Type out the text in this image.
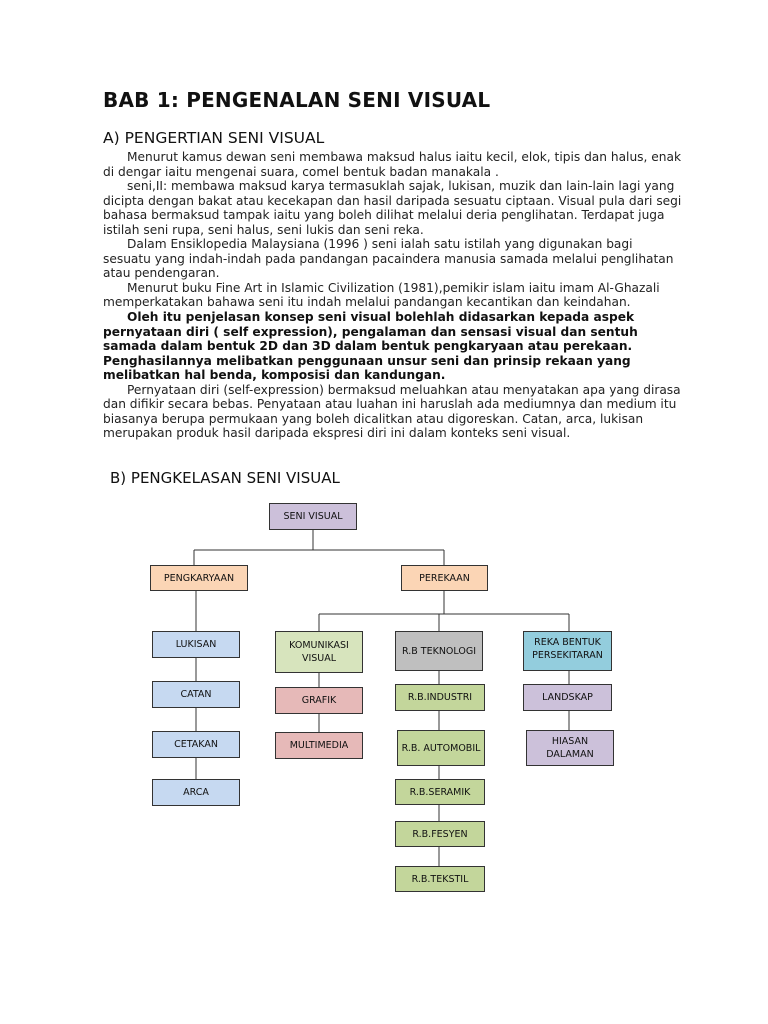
BAB 1: PENGENALAN SENI VISUAL
A) PENGERTIAN SENI VISUAL

Menurut kamus dewan seni membawa maksud halus iaitu kecil, elok, tipis dan halus, enak di dengar iaitu mengenai suara, comel bentuk badan manakala .

seni,II: membawa maksud karya termasuklah sajak, lukisan, muzik dan lain-lain lagi yang dicipta dengan bakat atau kecekapan dan hasil daripada sesuatu ciptaan. Visual pula dari segi bahasa bermaksud tampak iaitu yang boleh dilihat melalui deria penglihatan. Terdapat juga istilah seni rupa, seni halus, seni lukis dan seni reka.

Dalam Ensiklopedia Malaysiana (1996 ) seni ialah satu istilah yang digunakan bagi sesuatu yang indah-indah pada pandangan pacaindera manusia samada melalui penglihatan atau pendengaran.

Menurut buku Fine Art in Islamic Civilization (1981),pemikir islam iaitu imam Al-Ghazali memperkatakan bahawa seni itu indah melalui pandangan kecantikan dan keindahan.

Oleh itu penjelasan konsep seni visual bolehlah didasarkan kepada aspek pernyataan diri ( self expression), pengalaman dan sensasi visual dan sentuh samada dalam bentuk 2D dan 3D dalam bentuk pengkaryaan atau perekaan. Penghasilannya melibatkan penggunaan unsur seni dan prinsip rekaan yang melibatkan hal benda, komposisi dan kandungan.

Pernyataan diri (self-expression) bermaksud meluahkan atau menyatakan apa yang dirasa dan difikir secara bebas. Penyataan atau luahan ini haruslah ada mediumnya dan medium itu biasanya berupa permukaan yang boleh dicalitkan atau digoreskan. Catan, arca, lukisan merupakan produk hasil daripada ekspresi diri ini dalam konteks seni visual.

B) PENGKELASAN SENI VISUAL
SENI VISUAL
PENGKARYAAN	PEREKAAN
LUKISAN
CATAN
CETAKAN
ARCA
KOMUNIKASI VISUAL
R.B TEKNOLOGI
REKA BENTUK PERSEKITARAN
GRAFIK
MULTIMEDIA
R.B.INDUSTRI
R.B. AUTOMOBIL
R.B.SERAMIK
R.B.FESYEN
R.B.TEKSTIL
LANDSKAP
HIASAN DALAMAN
